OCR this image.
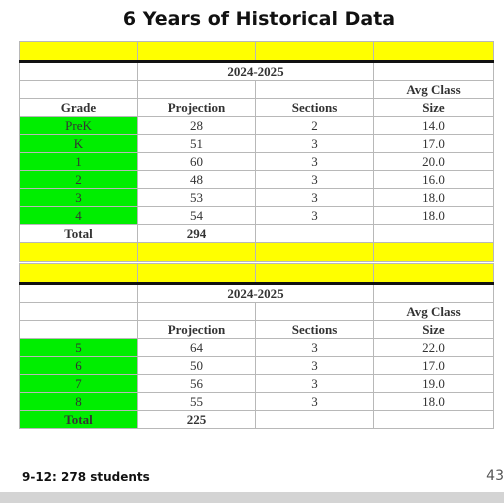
6 Years of Historical Data

	2024-2025		
			Avg Class
Grade	Projection	Sections	Size
PreK	28	2	14.0
K	51	3	17.0
1	60	3	20.0
2	48	3	16.0
3	53	3	18.0
4	54	3	18.0
Total	294		

	2024-2025		
			Avg Class
	Projection	Sections	Size
5	64	3	22.0
6	50	3	17.0
7	56	3	19.0
8	55	3	18.0
Total	225		
9-12: 278 students	43
